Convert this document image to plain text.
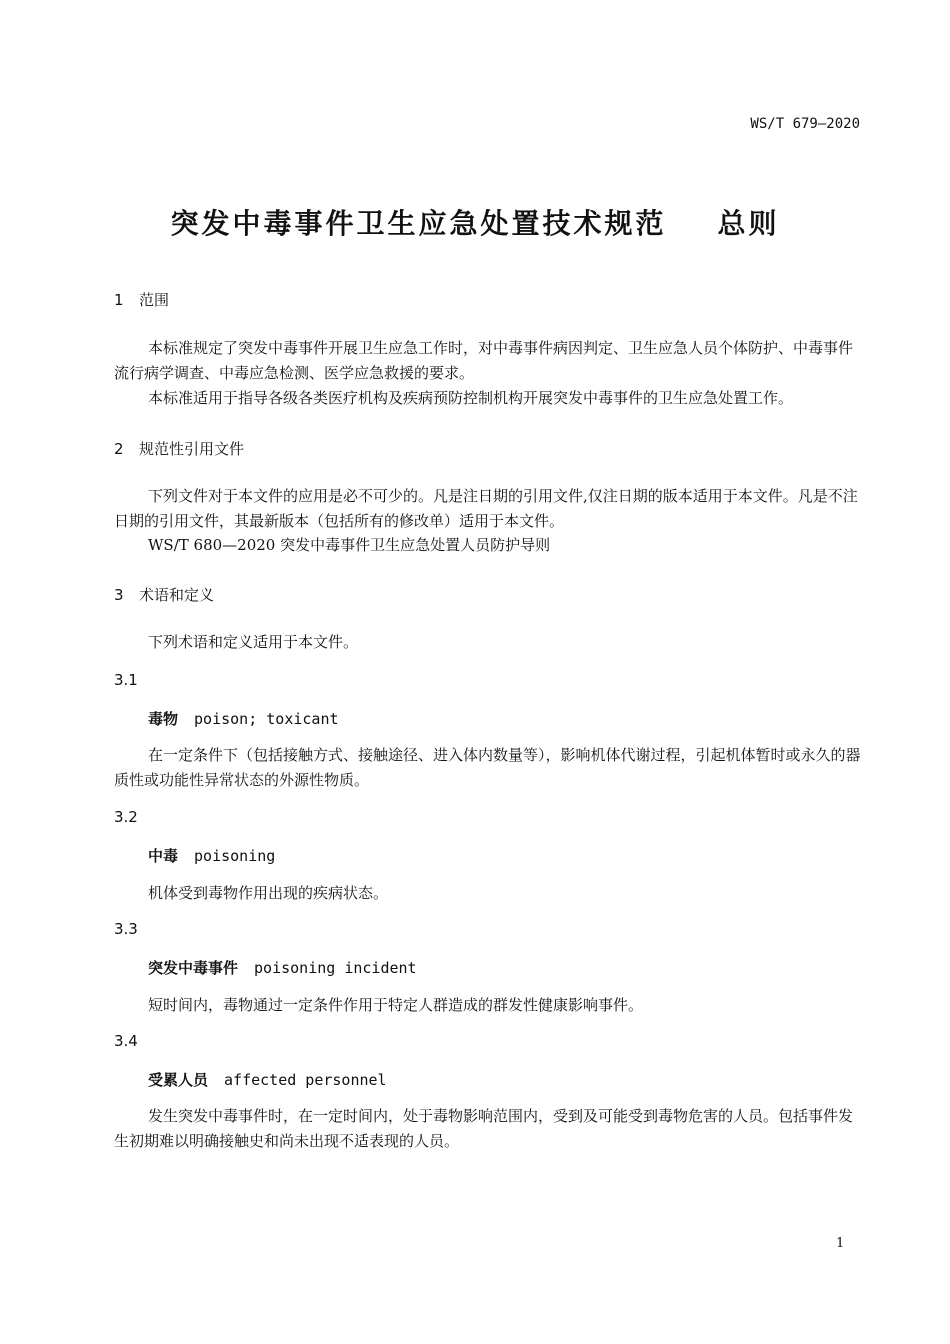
WS/T 679—2020
突发中毒事件卫生应急处置技术规范    总则
1 范围
本标准规定了突发中毒事件开展卫生应急工作时，对中毒事件病因判定、卫生应急人员个体防护、中毒事件流行病学调查、中毒应急检测、医学应急救援的要求。
本标准适用于指导各级各类医疗机构及疾病预防控制机构开展突发中毒事件的卫生应急处置工作。
2 规范性引用文件
下列文件对于本文件的应用是必不可少的。凡是注日期的引用文件,仅注日期的版本适用于本文件。凡是不注日期的引用文件，其最新版本（包括所有的修改单）适用于本文件。
WS/T 680—2020 突发中毒事件卫生应急处置人员防护导则
3 术语和定义
下列术语和定义适用于本文件。
3.1
毒物 poison; toxicant
在一定条件下（包括接触方式、接触途径、进入体内数量等），影响机体代谢过程，引起机体暂时或永久的器质性或功能性异常状态的外源性物质。
3.2
中毒 poisoning
机体受到毒物作用出现的疾病状态。
3.3
突发中毒事件 poisoning incident
短时间内，毒物通过一定条件作用于特定人群造成的群发性健康影响事件。
3.4
受累人员 affected personnel
发生突发中毒事件时，在一定时间内，处于毒物影响范围内，受到及可能受到毒物危害的人员。包括事件发生初期难以明确接触史和尚未出现不适表现的人员。
1
